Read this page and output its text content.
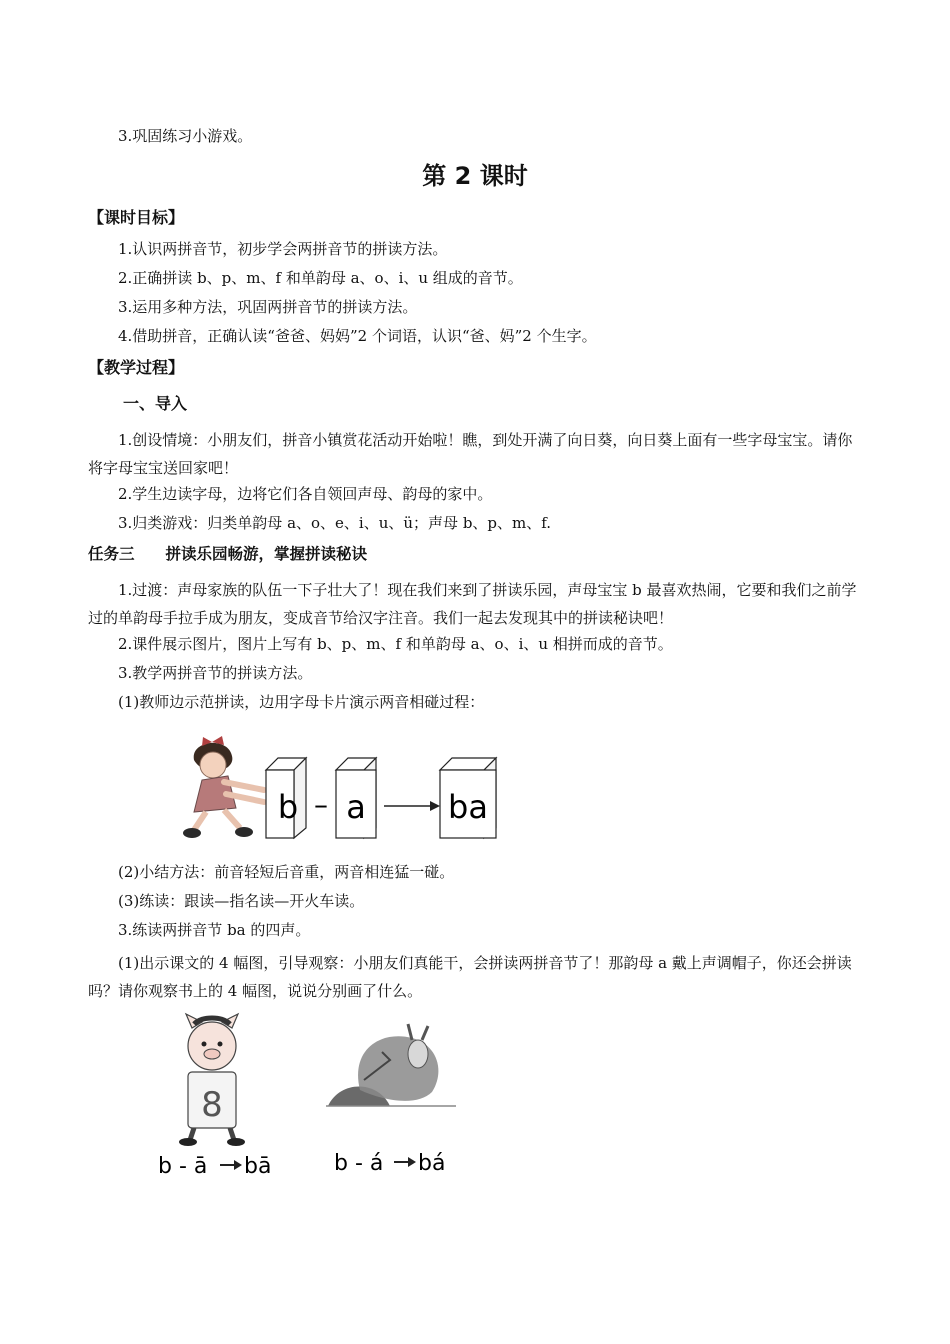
3.巩固练习小游戏。
第 2 课时
【课时目标】
1.认识两拼音节，初步学会两拼音节的拼读方法。
2.正确拼读 b、p、m、f 和单韵母 a、o、i、u 组成的音节。
3.运用多种方法，巩固两拼音节的拼读方法。
4.借助拼音，正确认读“爸爸、妈妈”2 个词语，认识“爸、妈”2 个生字。
【教学过程】
一、导入
1.创设情境：小朋友们，拼音小镇赏花活动开始啦！瞧，到处开满了向日葵，向日葵上面有一些字母宝宝。请你将字母宝宝送回家吧！
2.学生边读字母，边将它们各自领回声母、韵母的家中。
3.归类游戏：归类单韵母 a、o、e、i、u、ü；声母 b、p、m、f.
任务三　　拼读乐园畅游，掌握拼读秘诀
1.过渡：声母家族的队伍一下子壮大了！现在我们来到了拼读乐园，声母宝宝 b 最喜欢热闹，它要和我们之前学过的单韵母手拉手成为朋友，变成音节给汉字注音。我们一起去发现其中的拼读秘诀吧！
2.课件展示图片，图片上写有 b、p、m、f 和单韵母 a、o、i、u 相拼而成的音节。
3.教学两拼音节的拼读方法。
(1)教师边示范拼读，边用字母卡片演示两音相碰过程：
b – a	ba
(2)小结方法：前音轻短后音重，两音相连猛一碰。
(3)练读：跟读—指名读—开火车读。
3.练读两拼音节 ba 的四声。
(1)出示课文的 4 幅图，引导观察：小朋友们真能干，会拼读两拼音节了！那韵母 a 戴上声调帽子，你还会拼读吗？请你观察书上的 4 幅图，说说分别画了什么。
8
b - ā bā	b - á bá
